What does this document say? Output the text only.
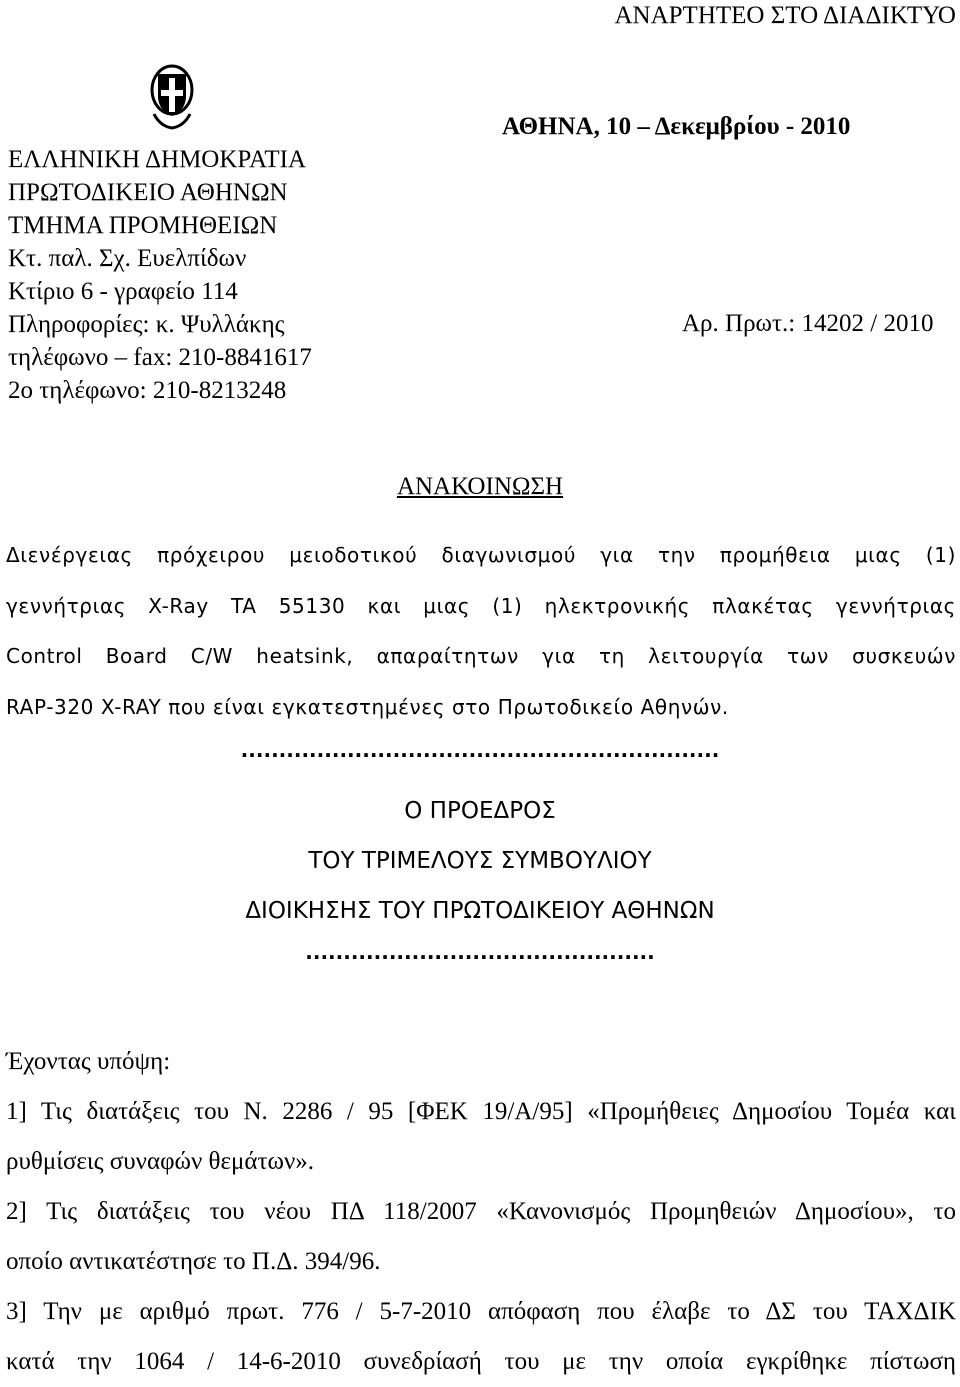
ΑΝΑΡΤΗΤΕΟ ΣΤΟ ΔΙΑΔΙΚΤΥΟ
ΑΘΗΝΑ, 10 – Δεκεμβρίου - 2010
ΕΛΛΗΝΙΚΗ ΔΗΜΟΚΡΑΤΙΑ
ΠΡΩΤΟΔΙΚΕΙΟ ΑΘΗΝΩΝ
ΤΜΗΜΑ ΠΡΟΜΗΘΕΙΩΝ
Κτ. παλ. Σχ. Ευελπίδων
Κτίριο 6 - γραφείο 114
Πληροφορίες: κ. Ψυλλάκης
τηλέφωνο – fax: 210-8841617
2ο τηλέφωνο: 210-8213248
Αρ. Πρωτ.: 14202 / 2010
ΑΝΑΚΟΙΝΩΣΗ
Διενέργειας πρόχειρου μειοδοτικού διαγωνισμού για την προμήθεια μιας (1)
γεννήτριας X-Ray TA 55130 και μιας (1) ηλεκτρονικής πλακέτας γεννήτριας
Control Board C/W heatsink, απαραίτητων για τη λειτουργία των συσκευών
RAP-320 X-RAY που είναι εγκατεστημένες στο Πρωτοδικείο Αθηνών.
...............................................................
Ο ΠΡΟΕΔΡΟΣ
ΤΟΥ ΤΡΙΜΕΛΟΥΣ ΣΥΜΒΟΥΛΙΟΥ
ΔΙΟΙΚΗΣΗΣ ΤΟΥ ΠΡΩΤΟΔΙΚΕΙΟΥ ΑΘΗΝΩΝ
..............................................
Έχοντας υπόψη:
1] Τις διατάξεις του Ν. 2286 / 95 [ΦΕΚ 19/Α/95] «Προμήθειες Δημοσίου Τομέα και
ρυθμίσεις συναφών θεμάτων».
2] Τις διατάξεις του νέου ΠΔ 118/2007 «Κανονισμός Προμηθειών Δημοσίου», το
οποίο αντικατέστησε το Π.Δ. 394/96.
3] Την με αριθμό πρωτ. 776 / 5-7-2010 απόφαση που έλαβε το ΔΣ του ΤΑΧΔΙΚ
κατά την 1064 / 14-6-2010 συνεδρίασή του με την οποία εγκρίθηκε πίστωση
